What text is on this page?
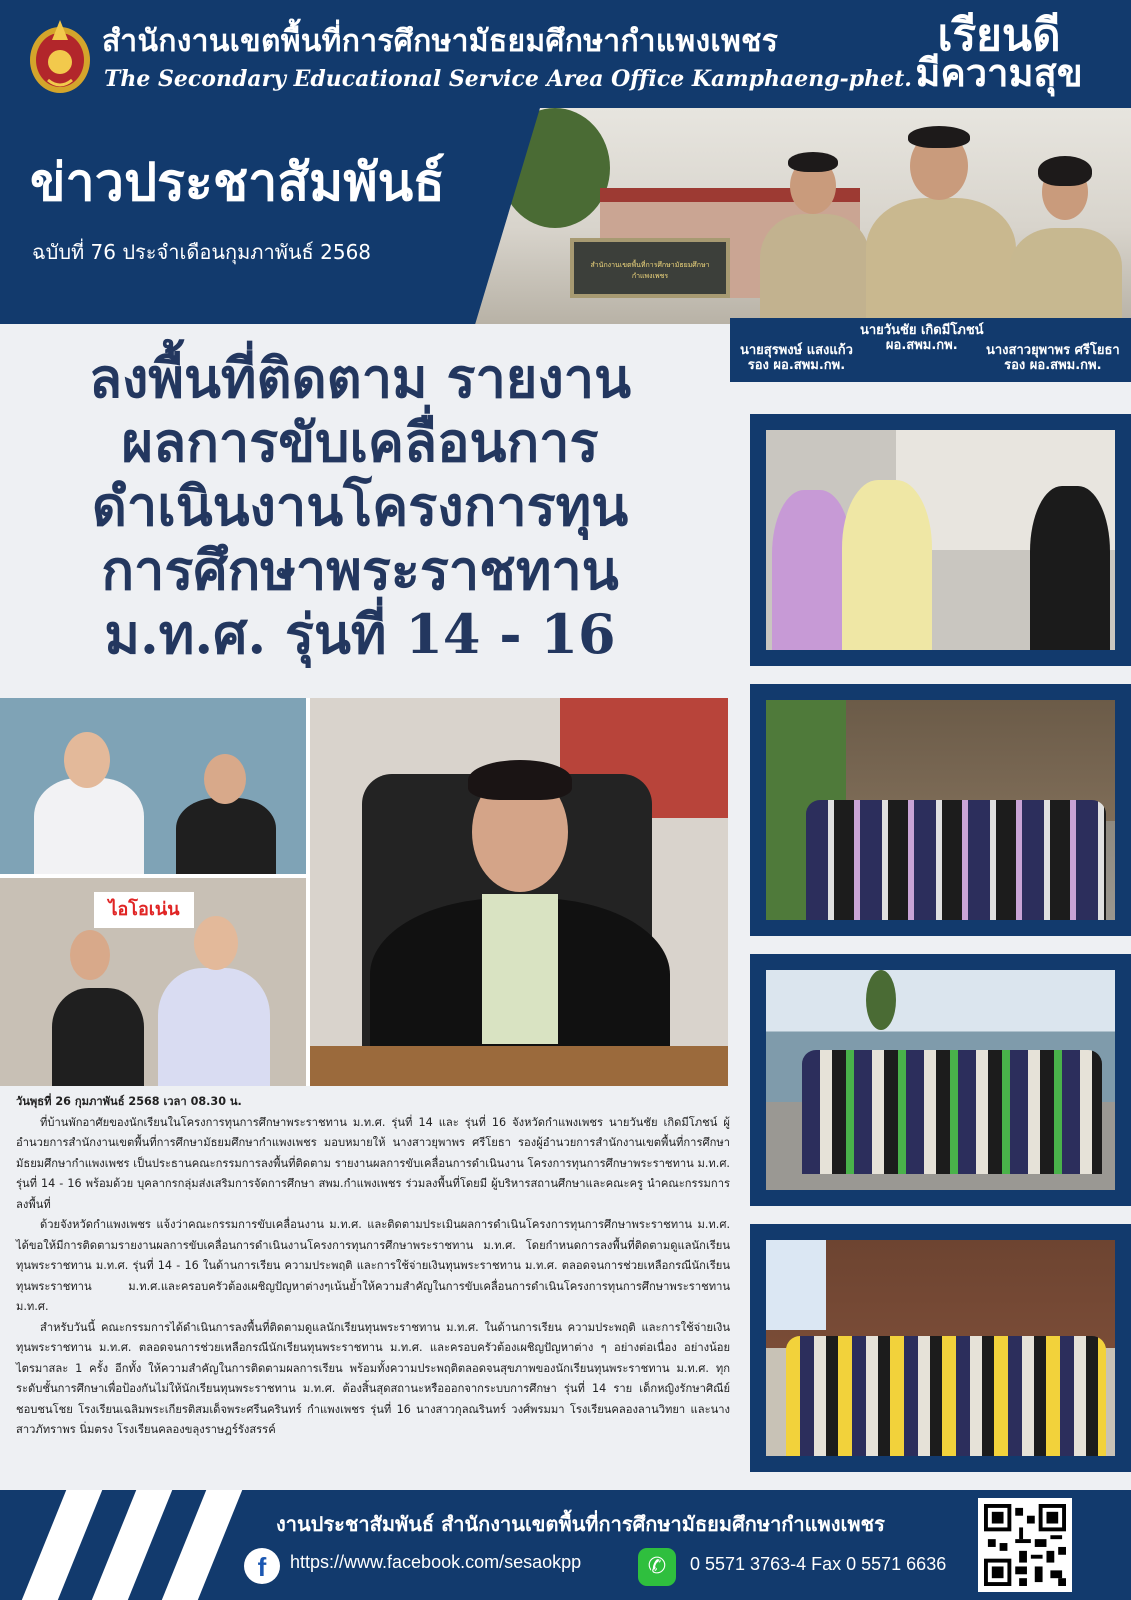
สำนักงานเขตพื้นที่การศึกษามัธยมศึกษากำแพงเพชร
The Secondary Educational Service Area Office Kamphaeng-phet.
เรียนดี
มีความสุข
สำนักงานเขตพื้นที่การศึกษามัธยมศึกษากำแพงเพชร
ข่าวประชาสัมพันธ์
ฉบับที่ 76 ประจำเดือนกุมภาพันธ์ 2568
นายวันชัย เกิดมีโภชน์
ผอ.สพม.กพ.
นายสุรพงษ์ แสงแก้ว
รอง ผอ.สพม.กพ.
นางสาวยุพาพร ศรีโยธา
รอง ผอ.สพม.กพ.
ลงพื้นที่ติดตาม รายงาน
ผลการขับเคลื่อนการ
ดำเนินงานโครงการทุน
การศึกษาพระราชทาน
ม.ท.ศ. รุ่นที่ 14 - 16
ไอโอเน่น
วันพุธที่ 26 กุมภาพันธ์ 2568 เวลา 08.30 น.

ที่บ้านพักอาศัยของนักเรียนในโครงการทุนการศึกษาพระราชทาน ม.ท.ศ. รุ่นที่ 14 และ รุ่นที่ 16 จังหวัดกำแพงเพชร นายวันชัย เกิดมีโภชน์ ผู้อำนวยการสำนักงานเขตพื้นที่การศึกษามัธยมศึกษากำแพงเพชร มอบหมายให้ นางสาวยุพาพร ศรีโยธา รองผู้อำนวยการสำนักงานเขตพื้นที่การศึกษามัธยมศึกษากำแพงเพชร เป็นประธานคณะกรรมการลงพื้นที่ติดตาม รายงานผลการขับเคลื่อนการดำเนินงาน โครงการทุนการศึกษาพระราชทาน ม.ท.ศ. รุ่นที่ 14 - 16 พร้อมด้วย บุคลากรกลุ่มส่งเสริมการจัดการศึกษา สพม.กำแพงเพชร ร่วมลงพื้นที่โดยมี ผู้บริหารสถานศึกษาและคณะครู นำคณะกรรมการลงพื้นที่

ด้วยจังหวัดกำแพงเพชร แจ้งว่าคณะกรรมการขับเคลื่อนงาน ม.ท.ศ. และติดตามประเมินผลการดำเนินโครงการทุนการศึกษาพระราชทาน ม.ท.ศ. ได้ขอให้มีการติดตามรายงานผลการขับเคลื่อนการดำเนินงานโครงการทุนการศึกษาพระราชทาน ม.ท.ศ. โดยกำหนดการลงพื้นที่ติดตามดูแลนักเรียน ทุนพระราชทาน ม.ท.ศ. รุ่นที่ 14 - 16 ในด้านการเรียน ความประพฤติ และการใช้จ่ายเงินทุนพระราชทาน ม.ท.ศ. ตลอดจนการช่วยเหลือกรณีนักเรียนทุนพระราชทาน ม.ท.ศ.และครอบครัวต้องเผชิญปัญหาต่างๆเน้นย้ำให้ความสำคัญในการขับเคลื่อนการดำเนินโครงการทุนการศึกษาพระราชทาน ม.ท.ศ.

สำหรับวันนี้ คณะกรรมการได้ดำเนินการลงพื้นที่ติดตามดูแลนักเรียนทุนพระราชทาน ม.ท.ศ. ในด้านการเรียน ความประพฤติ และการใช้จ่ายเงินทุนพระราชทาน ม.ท.ศ. ตลอดจนการช่วยเหลือกรณีนักเรียนทุนพระราชทาน ม.ท.ศ. และครอบครัวต้องเผชิญปัญหาต่าง ๆ อย่างต่อเนื่อง อย่างน้อยไตรมาสละ 1 ครั้ง อีกทั้ง ให้ความสำคัญในการติดตามผลการเรียน พร้อมทั้งความประพฤติตลอดจนสุขภาพของนักเรียนทุนพระราชทาน ม.ท.ศ. ทุกระดับชั้นการศึกษาเพื่อป้องกันไม่ให้นักเรียนทุนพระราชทาน ม.ท.ศ. ต้องสิ้นสุดสถานะหรือออกจากระบบการศึกษา รุ่นที่ 14 ราย เด็กหญิงรักษาศิณีย์ ชอบชนโชย โรงเรียนเฉลิมพระเกียรติสมเด็จพระศรีนครินทร์ กำแพงเพชร รุ่นที่ 16 นางสาวกุลณรินทร์ วงศ์พรมมา โรงเรียนคลองลานวิทยา และนางสาวภัทราพร นิ่มตรง โรงเรียนคลองขลุงราษฎร์รังสรรค์

งานประชาสัมพันธ์ สำนักงานเขตพื้นที่การศึกษามัธยมศึกษากำแพงเพชร
f	https://www.facebook.com/sesaokpp	✆	0 5571 3763-4 Fax 0 5571 6636
